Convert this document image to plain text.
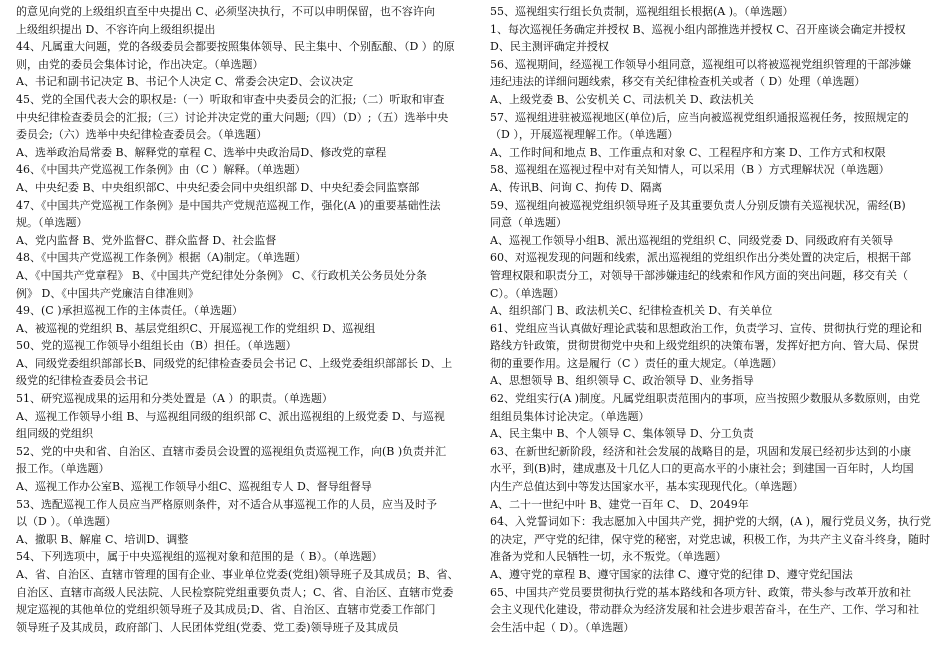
的意见向党的上级组织直至中央提出 C、必须坚决执行，不可以申明保留，也不容许向
上级组织提出 D、不容许向上级组织提出
44、凡属重大问题，党的各级委员会都要按照集体领导、民主集中、个别酝酿、（D ）的原
则，由党的委员会集体讨论，作出决定。（单选题）
A、书记和副书记决定 B、书记个人决定 C、常委会决定D、会议决定
45、党的全国代表大会的职权是:（一）听取和审查中央委员会的汇报;（二）听取和审查
中央纪律检查委员会的汇报;（三）讨论并决定党的重大问题;（四）（D）;（五）选举中央
委员会;（六）选举中央纪律检查委员会。（单选题）
A、选举政治局常委 B、解释党的章程 C、选举中央政治局D、修改党的章程
46、《中国共产党巡视工作条例》由（C ）解释。（单选题）
A、中央纪委 B、中央组织部C、中央纪委会同中央组织部 D、中央纪委会同监察部
47、《中国共产党巡视工作条例》是中国共产党规范巡视工作，强化(A )的重要基础性法
规。（单选题）
A、党内监督 B、党外监督C、群众监督 D、社会监督
48、《中国共产党巡视工作条例》根据（A)制定。（单选题）
A、《中国共产党章程》 B、《中国共产党纪律处分条例》 C、《行政机关公务员处分条
例》 D、《中国共产党廉洁自律准则》
49、(C )承担巡视工作的主体责任。（单选题）
A、被巡视的党组织 B、基层党组织C、开展巡视工作的党组织 D、巡视组
50、党的巡视工作领导小组组长由（B）担任。（单选题）
A、同级党委组织部部长B、同级党的纪律检查委员会书记 C、上级党委组织部部长 D、上
级党的纪律检查委员会书记
51、研究巡视成果的运用和分类处置是（A ）的职责。（单选题）
A、巡视工作领导小组 B、与巡视组同级的组织部 C、派出巡视组的上级党委 D、与巡视
组同级的党组织
52、党的中央和省、自治区、直辖市委员会设置的巡视组负责巡视工作，向(B )负责并汇
报工作。（单选题）
A、巡视工作办公室B、巡视工作领导小组C、巡视组专人 D、督导组督导
53、选配巡视工作人员应当严格原则条件，对不适合从事巡视工作的人员，应当及时予
以（D ）。（单选题）
A、撤职 B、解雇 C、培训D、调整
54、下列选项中，属于中央巡视组的巡视对象和范围的是（ B）。（单选题）
A、省、自治区、直辖市管理的国有企业、事业单位党委(党组)领导班子及其成员；B、省、
自治区、直辖市高级人民法院、人民检察院党组重要负责人；C、省、自治区、直辖市党委
规定巡视的其他单位的党组织领导班子及其成员;D、省、自治区、直辖市党委工作部门
领导班子及其成员，政府部门、人民团体党组(党委、党工委)领导班子及其成员
55、巡视组实行组长负责制，巡视组组长根据(A )。（单选题）
1、每次巡视任务确定并授权 B、巡视小组内部推选并授权 C、召开座谈会确定并授权
D、民主测评确定并授权
56、巡视期间，经巡视工作领导小组同意，巡视组可以将被巡视党组织管理的干部涉嫌
违纪违法的详细问题线索，移交有关纪律检查机关或者（ D）处理（单选题）
A、上级党委 B、公安机关 C、司法机关 D、政法机关
57、巡视组进驻被巡视地区(单位)后，应当向被巡视党组织通报巡视任务，按照规定的
（D ），开展巡视理解工作。（单选题）
A、工作时间和地点 B、工作重点和对象 C、工程程序和方案 D、工作方式和权限
58、巡视组在巡视过程中对有关知情人，可以采用（B ）方式理解状况（单选题）
A、传讯B、问询 C、拘传 D、隔离
59、巡视组向被巡视党组织领导班子及其重要负责人分别反馈有关巡视状况，需经(B)
同意（单选题）
A、巡视工作领导小组B、派出巡视组的党组织 C、同级党委 D、同级政府有关领导
60、对巡视发现的问题和线索，派出巡视组的党组织作出分类处置的决定后，根据干部
管理权限和职责分工，对领导干部涉嫌违纪的线索和作风方面的突出问题，移交有关（
C）。（单选题）
A、组织部门 B、政法机关C、纪律检查机关 D、有关单位
61、党组应当认真做好理论武装和思想政治工作，负责学习、宣传、贯彻执行党的理论和
路线方针政策，贯彻贯彻党中央和上级党组织的决策布署，发挥好把方向、管大局、保贯
彻的重要作用。这是履行（C ）责任的重大规定。（单选题）
A、思想领导 B、组织领导 C、政治领导 D、业务指导
62、党组实行(A )制度。凡属党组职责范围内的事项，应当按照少数服从多数原则，由党
组组员集体讨论决定。（单选题）
A、民主集中 B、个人领导 C、集体领导 D、分工负责
63、在新世纪新阶段，经济和社会发展的战略目的是，巩固和发展已经初步达到的小康
水平，到(B)时，建成惠及十几亿人口的更高水平的小康社会；到建国一百年时，人均国
内生产总值达到中等发达国家水平，基本实现现代化。（单选题）
A、二十一世纪中叶 B、建党一百年 C、 D、2049年
64、入党誓词如下：我志愿加入中国共产党，拥护党的大纲，(A )，履行党员义务，执行党
的决定，严守党的纪律，保守党的秘密，对党忠诚，积极工作，为共产主义奋斗终身，随时
准备为党和人民牺牲一切，永不叛党。（单选题）
A、遵守党的章程 B、遵守国家的法律 C、遵守党的纪律 D、遵守党纪国法
65、中国共产党员要贯彻执行党的基本路线和各项方针、政策，带头参与改革开放和社
会主义现代化建设，带动群众为经济发展和社会进步艰苦奋斗，在生产、工作、学习和社
会生活中起（ D）。（单选题）
